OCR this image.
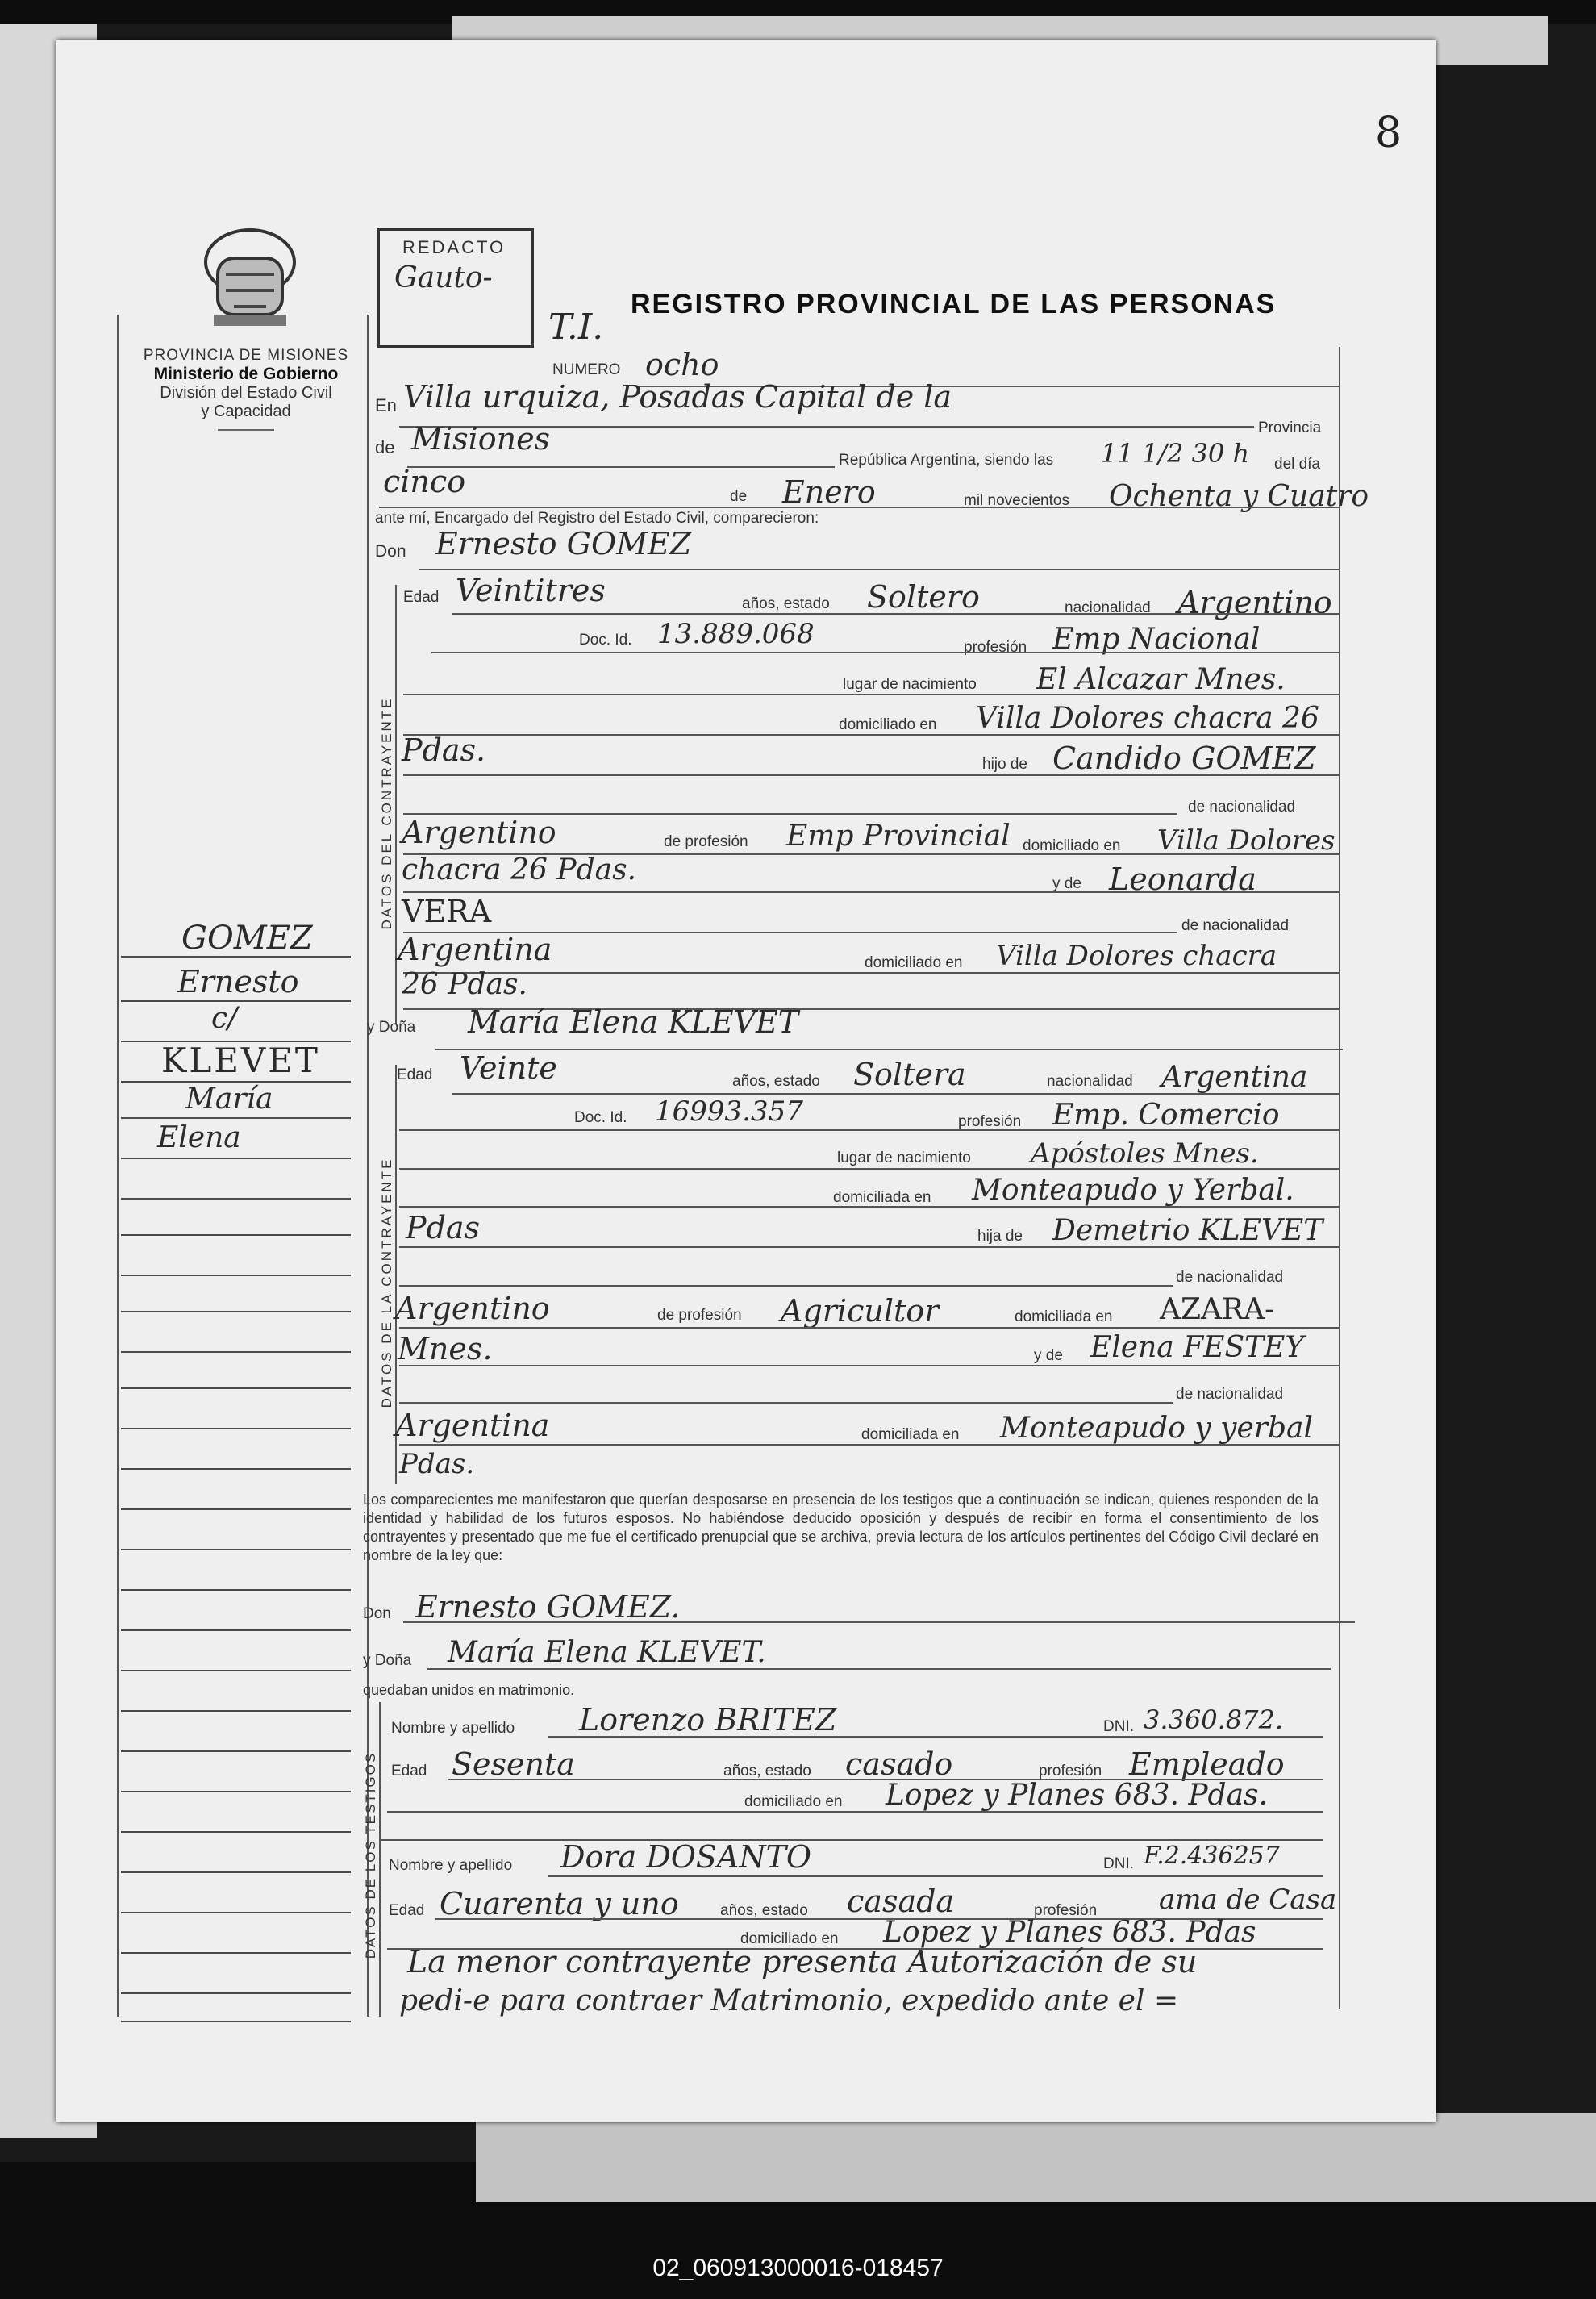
8
PROVINCIA DE MISIONES
Ministerio de Gobierno
División del Estado Civil
y Capacidad
REDACTO
Gauto-
T.I.
REGISTRO PROVINCIAL DE LAS PERSONAS
GOMEZ
Ernesto
c/
KLEVET
María
Elena
NUMERO ocho
En Villa urquiza, Posadas Capital de la
Provincia
de Misiones
República Argentina, siendo las 11 1/2 30 h del día
cinco	de Enero	mil novecientos Ochenta y Cuatro
ante mí, Encargado del Registro del Estado Civil, comparecieron:
Don Ernesto GOMEZ
DATOS DEL CONTRAYENTE
Edad Veintitres	años, estado Soltero	nacionalidad Argentino
Doc. Id. 13.889.068	profesión Emp Nacional
lugar de nacimiento El Alcazar Mnes.
domiciliado en Villa Dolores chacra 26
Pdas.	hijo de Candido GOMEZ
de nacionalidad
Argentino	de profesión Emp Provincial domiciliado en Villa Dolores
chacra 26 Pdas.	y de Leonarda
VERA	de nacionalidad
Argentina	domiciliado en Villa Dolores chacra
26 Pdas.
y Doña María Elena KLEVET
DATOS DE LA CONTRAYENTE
Edad Veinte	años, estado Soltera	nacionalidad Argentina
Doc. Id. 16993.357	profesión Emp. Comercio
lugar de nacimiento Apóstoles Mnes.
domiciliada en Monteapudo y Yerbal.
Pdas	hija de Demetrio KLEVET
de nacionalidad
Argentino	de profesión Agricultor	domiciliada en AZARA-
Mnes.	y de Elena FESTEY
de nacionalidad
Argentina	domiciliada en Monteapudo y yerbal
Pdas.
Los comparecientes me manifestaron que querían desposarse en presencia de los testigos que a continuación se indican, quienes responden de la identidad y habilidad de los futuros esposos. No habiéndose deducido oposición y después de recibir en forma el consentimiento de los contrayentes y presentado que me fue el certificado prenupcial que se archiva, previa lectura de los artículos pertinentes del Código Civil declaré en nombre de la ley que:
Don Ernesto GOMEZ.
y Doña María Elena KLEVET.
quedaban unidos en matrimonio.
DATOS DE LOS TESTIGOS
Nombre y apellido Lorenzo BRITEZ	DNI. 3.360.872.
Edad Sesenta	años, estado casado	profesión Empleado
domiciliado en Lopez y Planes 683. Pdas.
Nombre y apellido Dora DOSANTO	DNI. F.2.436257
Edad Cuarenta y uno	años, estado casada	profesión ama de Casa
domiciliado en Lopez y Planes 683. Pdas
La menor contrayente presenta Autorización de su
pedi-e para contraer Matrimonio, expedido ante el =
02_060913000016-018457
